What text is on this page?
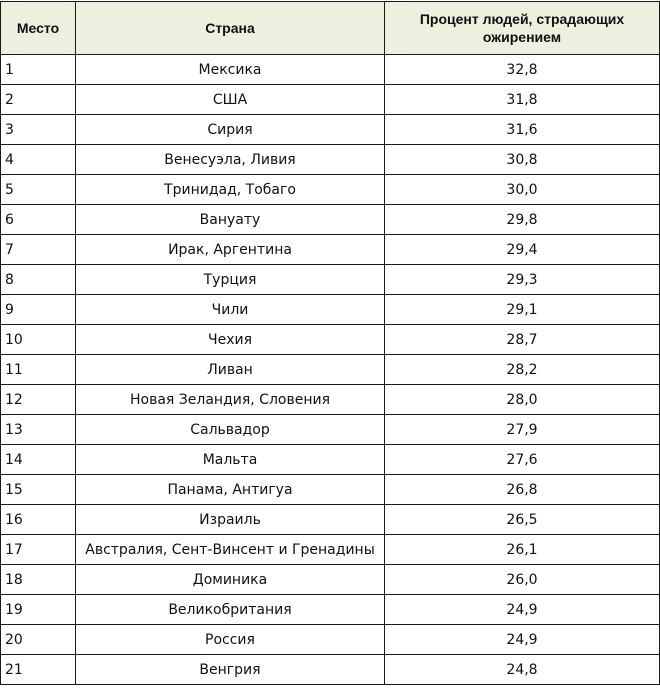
Место	Страна	Процент людей, страдающих ожирением
1	Мексика	32,8
2	США	31,8
3	Сирия	31,6
4	Венесуэла, Ливия	30,8
5	Тринидад, Тобаго	30,0
6	Вануату	29,8
7	Ирак, Аргентина	29,4
8	Турция	29,3
9	Чили	29,1
10	Чехия	28,7
11	Ливан	28,2
12	Новая Зеландия, Словения	28,0
13	Сальвадор	27,9
14	Мальта	27,6
15	Панама, Антигуа	26,8
16	Израиль	26,5
17	Австралия, Сент-Винсент и Гренадины	26,1
18	Доминика	26,0
19	Великобритания	24,9
20	Россия	24,9
21	Венгрия	24,8
